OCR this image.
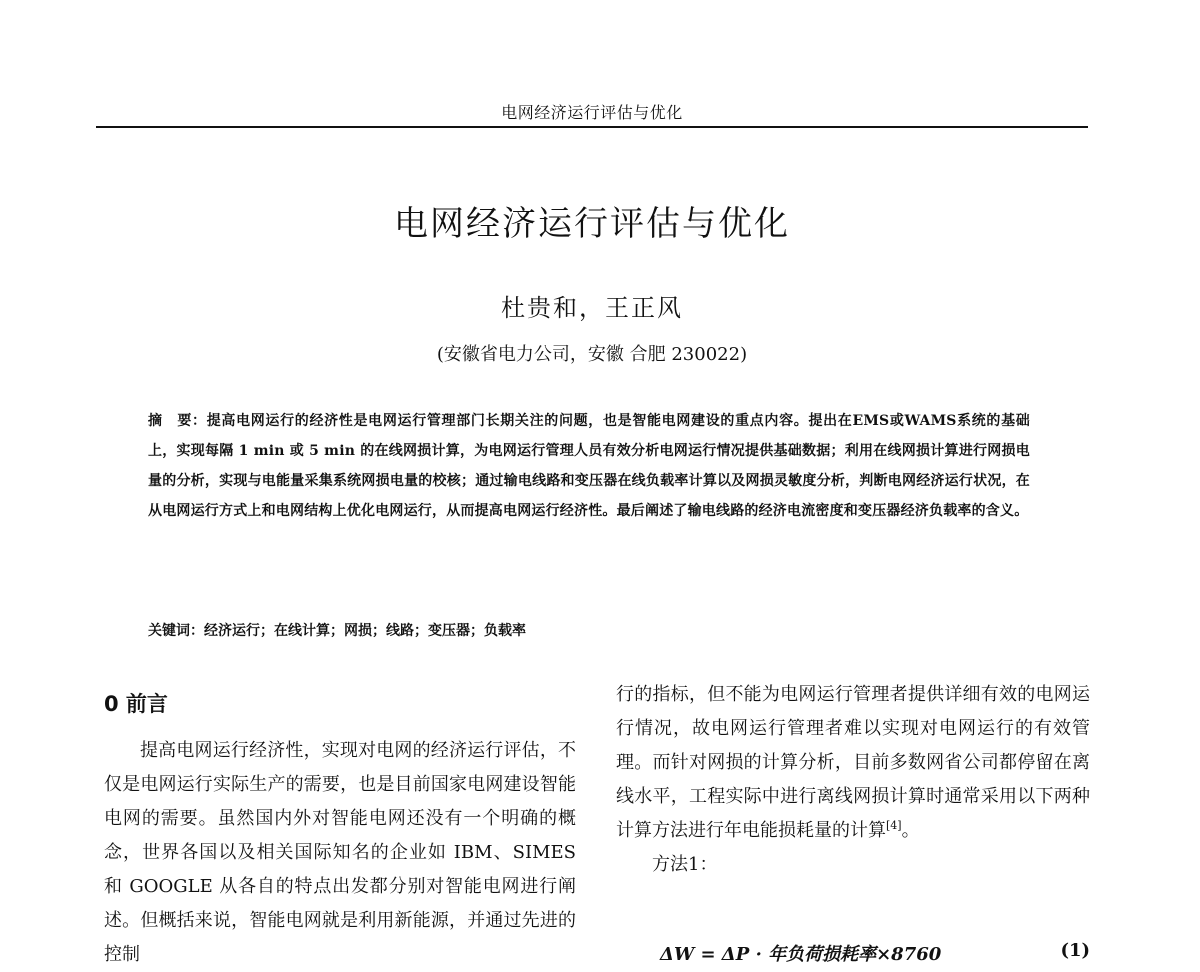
电网经济运行评估与优化
电网经济运行评估与优化
杜贵和，王正风
(安徽省电力公司，安徽 合肥 230022)
摘　要：提高电网运行的经济性是电网运行管理部门长期关注的问题，也是智能电网建设的重点内容。提出在EMS或WAMS系统的基础上，实现每隔 1 min 或 5 min 的在线网损计算，为电网运行管理人员有效分析电网运行情况提供基础数据；利用在线网损计算进行网损电量的分析，实现与电能量采集系统网损电量的校核；通过输电线路和变压器在线负载率计算以及网损灵敏度分析，判断电网经济运行状况，在从电网运行方式上和电网结构上优化电网运行，从而提高电网运行经济性。最后阐述了输电线路的经济电流密度和变压器经济负载率的含义。
关键词：经济运行；在线计算；网损；线路；变压器；负载率
0 前言

提高电网运行经济性，实现对电网的经济运行评估，不仅是电网运行实际生产的需要，也是目前国家电网建设智能电网的需要。虽然国内外对智能电网还没有一个明确的概念，世界各国以及相关国际知名的企业如 IBM、SIMES 和 GOOGLE 从各自的特点出发都分别对智能电网进行阐述。但概括来说，智能电网就是利用新能源，并通过先进的控制

行的指标，但不能为电网运行管理者提供详细有效的电网运行情况，故电网运行管理者难以实现对电网运行的有效管理。而针对网损的计算分析，目前多数网省公司都停留在离线水平，工程实际中进行离线网损计算时通常采用以下两种计算方法进行年电能损耗量的计算[4]。

方法1：

ΔW = ΔP · 年负荷损耗率×8760	(1)
